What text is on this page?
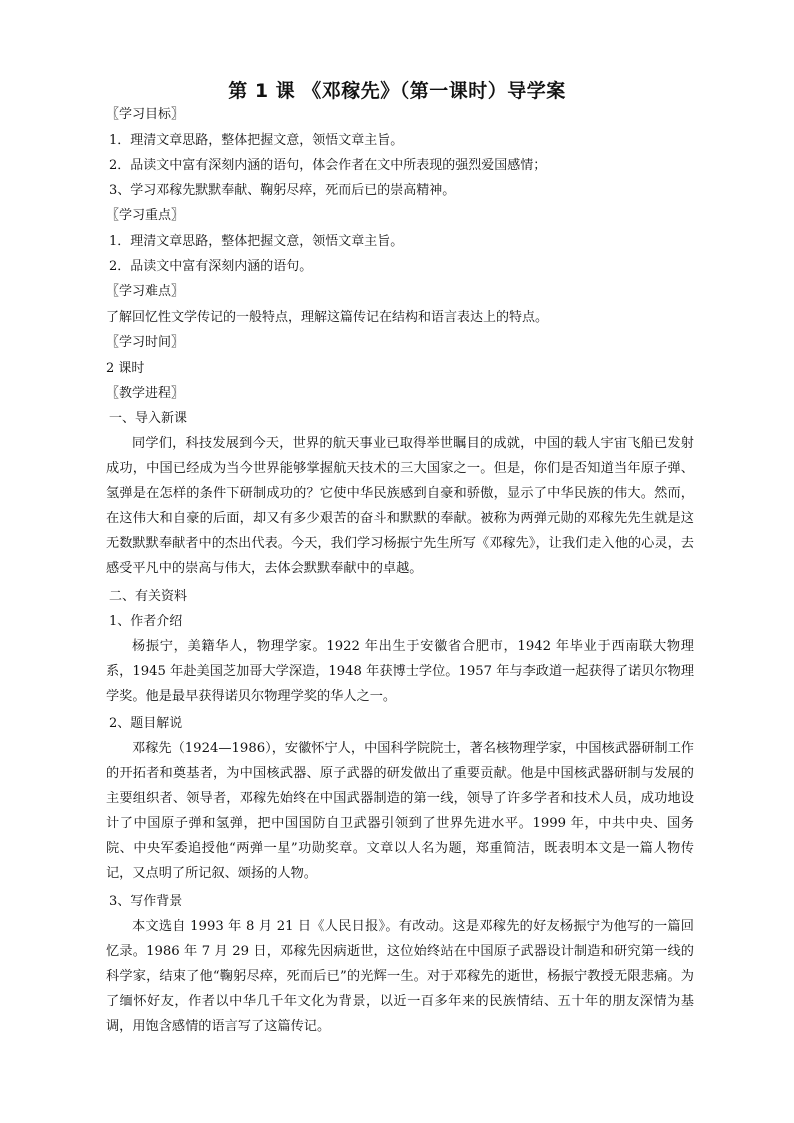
第 1 课 《邓稼先》（第一课时）导学案
〖学习目标〗
1．理清文章思路，整体把握文意，领悟文章主旨。
2．品读文中富有深刻内涵的语句，体会作者在文中所表现的强烈爱国感情；
3、学习邓稼先默默奉献、鞠躬尽瘁，死而后已的崇高精神。
〖学习重点〗
1．理清文章思路，整体把握文意，领悟文章主旨。
2．品读文中富有深刻内涵的语句。
〖学习难点〗
了解回忆性文学传记的一般特点，理解这篇传记在结构和语言表达上的特点。
〖学习时间〗
2 课时
〖教学进程〗
一、导入新课

同学们，科技发展到今天，世界的航天事业已取得举世瞩目的成就，中国的载人宇宙飞船已发射成功，中国已经成为当今世界能够掌握航天技术的三大国家之一。但是，你们是否知道当年原子弹、氢弹是在怎样的条件下研制成功的？它使中华民族感到自豪和骄傲，显示了中华民族的伟大。然而，在这伟大和自豪的后面，却又有多少艰苦的奋斗和默默的奉献。被称为两弹元勋的邓稼先先生就是这无数默默奉献者中的杰出代表。今天，我们学习杨振宁先生所写《邓稼先》，让我们走入他的心灵，去感受平凡中的崇高与伟大，去体会默默奉献中的卓越。

二、有关资料
1、作者介绍

杨振宁，美籍华人，物理学家。1922 年出生于安徽省合肥市，1942 年毕业于西南联大物理系，1945 年赴美国芝加哥大学深造，1948 年获博士学位。1957 年与李政道一起获得了诺贝尔物理学奖。他是最早获得诺贝尔物理学奖的华人之一。

2、题目解说

邓稼先（1924—1986），安徽怀宁人，中国科学院院士，著名核物理学家，中国核武器研制工作的开拓者和奠基者，为中国核武器、原子武器的研发做出了重要贡献。他是中国核武器研制与发展的主要组织者、领导者，邓稼先始终在中国武器制造的第一线，领导了许多学者和技术人员，成功地设计了中国原子弹和氢弹，把中国国防自卫武器引领到了世界先进水平。1999 年，中共中央、国务院、中央军委追授他“两弹一星”功勋奖章。文章以人名为题，郑重简洁，既表明本文是一篇人物传记，又点明了所记叙、颂扬的人物。

3、写作背景

本文选自 1993 年 8 月 21 日《人民日报》。有改动。这是邓稼先的好友杨振宁为他写的一篇回忆录。1986 年 7 月 29 日，邓稼先因病逝世，这位始终站在中国原子武器设计制造和研究第一线的科学家，结束了他“鞠躬尽瘁，死而后已”的光辉一生。对于邓稼先的逝世，杨振宁教授无限悲痛。为了缅怀好友，作者以中华几千年文化为背景，以近一百多年来的民族情结、五十年的朋友深情为基调，用饱含感情的语言写了这篇传记。
